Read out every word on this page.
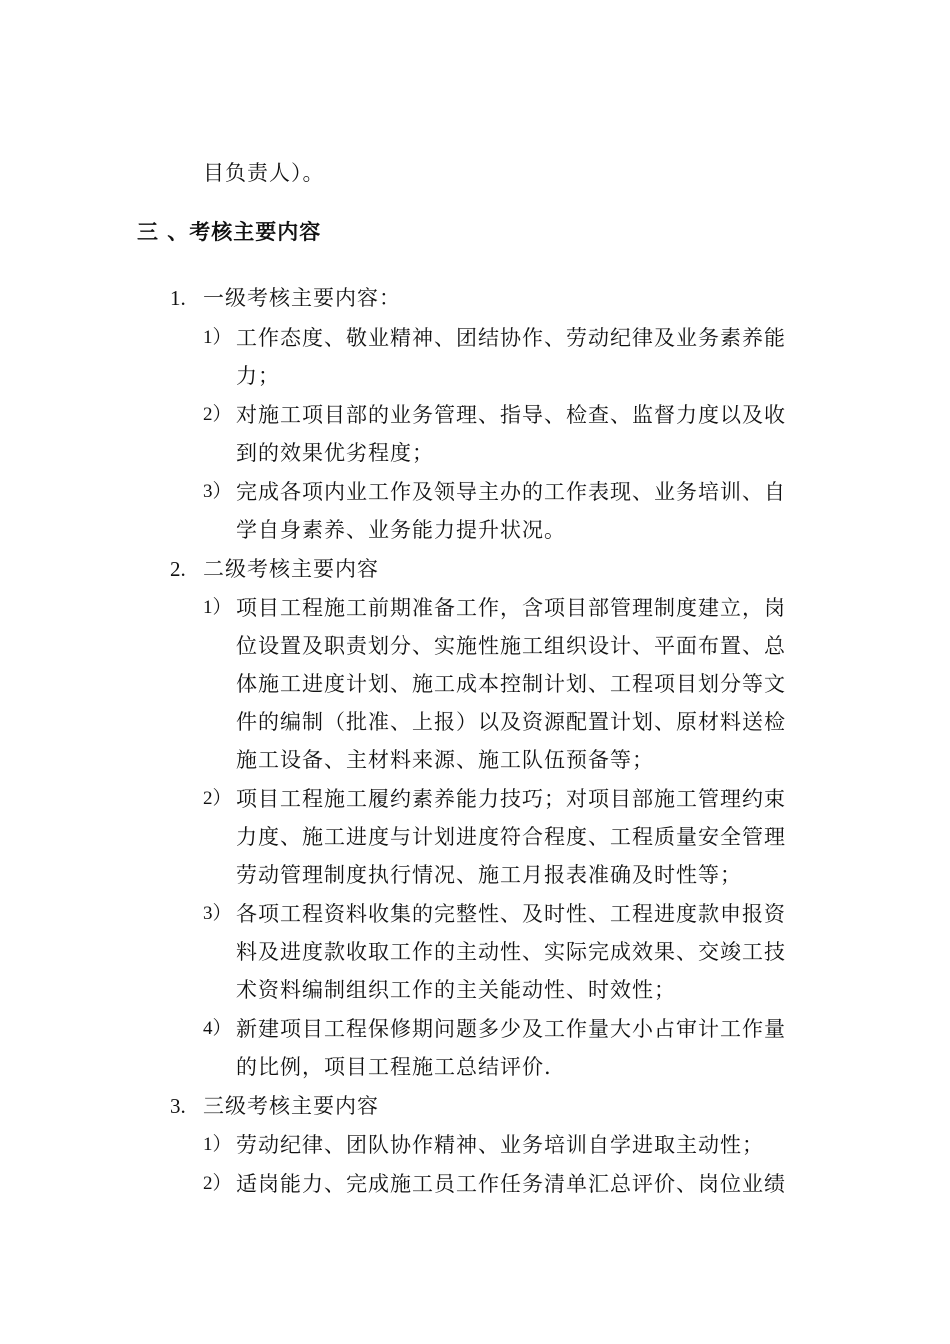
目负责人）。
三 、考核主要内容
1. 一级考核主要内容：
1） 工作态度、敬业精神、团结协作、劳动纪律及业务素养能
力；
2） 对施工项目部的业务管理、指导、检查、监督力度以及收
到的效果优劣程度；
3） 完成各项内业工作及领导主办的工作表现、业务培训、自
学自身素养、业务能力提升状况。
2. 二级考核主要内容
1） 项目工程施工前期准备工作，含项目部管理制度建立，岗
位设置及职责划分、实施性施工组织设计、平面布置、总
体施工进度计划、施工成本控制计划、工程项目划分等文
件的编制（批准、上报）以及资源配置计划、原材料送检
施工设备、主材料来源、施工队伍预备等；
2） 项目工程施工履约素养能力技巧；对项目部施工管理约束
力度、施工进度与计划进度符合程度、工程质量安全管理
劳动管理制度执行情况、施工月报表准确及时性等；
3） 各项工程资料收集的完整性、及时性、工程进度款申报资
料及进度款收取工作的主动性、实际完成效果、交竣工技
术资料编制组织工作的主关能动性、时效性；
4） 新建项目工程保修期问题多少及工作量大小占审计工作量
的比例，项目工程施工总结评价.
3. 三级考核主要内容
1） 劳动纪律、团队协作精神、业务培训自学进取主动性；
2） 适岗能力、完成施工员工作任务清单汇总评价、岗位业绩
